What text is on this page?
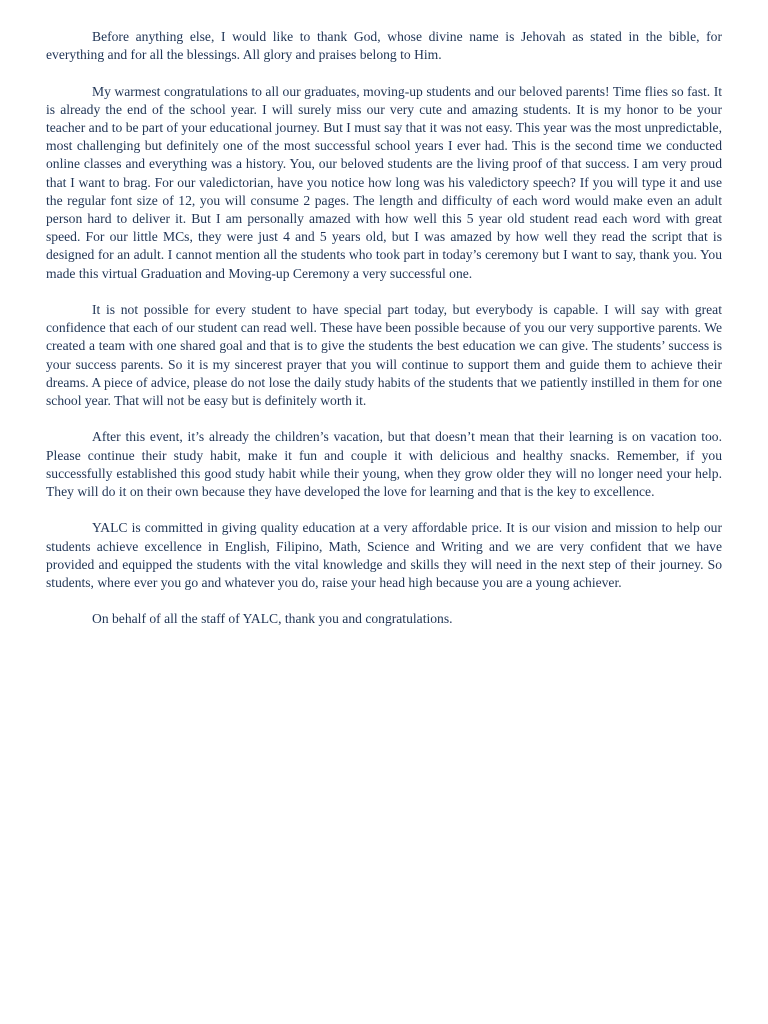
Before anything else, I would like to thank God, whose divine name is Jehovah as stated in the bible, for everything and for all the blessings. All glory and praises belong to Him.

My warmest congratulations to all our graduates, moving-up students and our beloved parents! Time flies so fast. It is already the end of the school year. I will surely miss our very cute and amazing students. It is my honor to be your teacher and to be part of your educational journey. But I must say that it was not easy. This year was the most unpredictable, most challenging but definitely one of the most successful school years I ever had. This is the second time we conducted online classes and everything was a history. You, our beloved students are the living proof of that success. I am very proud that I want to brag. For our valedictorian, have you notice how long was his valedictory speech? If you will type it and use the regular font size of 12, you will consume 2 pages. The length and difficulty of each word would make even an adult person hard to deliver it. But I am personally amazed with how well this 5 year old student read each word with great speed. For our little MCs, they were just 4 and 5 years old, but I was amazed by how well they read the script that is designed for an adult. I cannot mention all the students who took part in today’s ceremony but I want to say, thank you. You made this virtual Graduation and Moving-up Ceremony a very successful one.

It is not possible for every student to have special part today, but everybody is capable. I will say with great confidence that each of our student can read well. These have been possible because of you our very supportive parents. We created a team with one shared goal and that is to give the students the best education we can give. The students’ success is your success parents. So it is my sincerest prayer that you will continue to support them and guide them to achieve their dreams. A piece of advice, please do not lose the daily study habits of the students that we patiently instilled in them for one school year. That will not be easy but is definitely worth it.

After this event, it’s already the children’s vacation, but that doesn’t mean that their learning is on vacation too. Please continue their study habit, make it fun and couple it with delicious and healthy snacks. Remember, if you successfully established this good study habit while their young, when they grow older they will no longer need your help. They will do it on their own because they have developed the love for learning and that is the key to excellence.

YALC is committed in giving quality education at a very affordable price. It is our vision and mission to help our students achieve excellence in English, Filipino, Math, Science and Writing and we are very confident that we have provided and equipped the students with the vital knowledge and skills they will need in the next step of their journey. So students, where ever you go and whatever you do, raise your head high because you are a young achiever.

On behalf of all the staff of YALC, thank you and congratulations.
